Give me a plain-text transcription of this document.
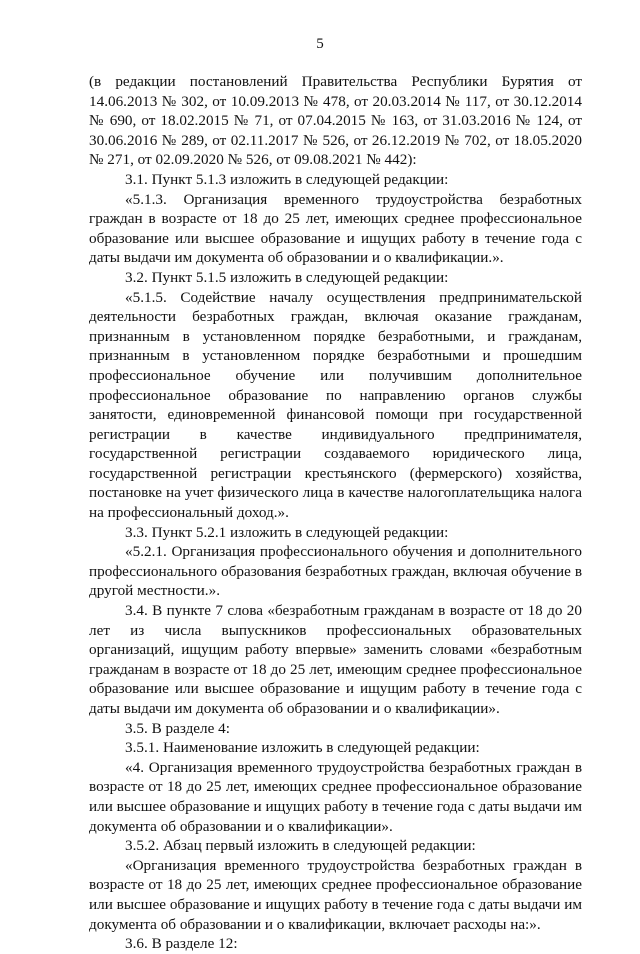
5

(в редакции постановлений Правительства Республики Бурятия от 14.06.2013 № 302, от 10.09.2013 № 478, от 20.03.2014 № 117, от 30.12.2014 № 690, от 18.02.2015 № 71, от 07.04.2015 № 163, от 31.03.2016 № 124, от 30.06.2016 № 289, от 02.11.2017 № 526, от 26.12.2019 № 702, от 18.05.2020 № 271, от 02.09.2020 № 526, от 09.08.2021 № 442):

3.1. Пункт 5.1.3 изложить в следующей редакции:

«5.1.3. Организация временного трудоустройства безработных граждан в возрасте от 18 до 25 лет, имеющих среднее профессиональное образование или высшее образование и ищущих работу в течение года с даты выдачи им документа об образовании и о квалификации.».

3.2. Пункт 5.1.5 изложить в следующей редакции:

«5.1.5. Содействие началу осуществления предпринимательской деятельности безработных граждан, включая оказание гражданам, признанным в установленном порядке безработными, и гражданам, признанным в установленном порядке безработными и прошедшим профессиональное обучение или получившим дополнительное профессиональное образование по направлению органов службы занятости, единовременной финансовой помощи при государственной регистрации в качестве индивидуального предпринимателя, государственной регистрации создаваемого юридического лица, государственной регистрации крестьянского (фермерского) хозяйства, постановке на учет физического лица в качестве налогоплательщика налога на профессиональный доход.».

3.3. Пункт 5.2.1 изложить в следующей редакции:

«5.2.1. Организация профессионального обучения и дополнительного профессионального образования безработных граждан, включая обучение в другой местности.».

3.4. В пункте 7 слова «безработным гражданам в возрасте от 18 до 20 лет из числа выпускников профессиональных образовательных организаций, ищущим работу впервые» заменить словами «безработным гражданам в возрасте от 18 до 25 лет, имеющим среднее профессиональное образование или высшее образование и ищущим работу в течение года с даты выдачи им документа об образовании и о квалификации».

3.5. В разделе 4:

3.5.1. Наименование изложить в следующей редакции:

«4. Организация временного трудоустройства безработных граждан в возрасте от 18 до 25 лет, имеющих среднее профессиональное образование или высшее образование и ищущих работу в течение года с даты выдачи им документа об образовании и о квалификации».

3.5.2. Абзац первый изложить в следующей редакции:

«Организация временного трудоустройства безработных граждан в возрасте от 18 до 25 лет, имеющих среднее профессиональное образование или высшее образование и ищущих работу в течение года с даты выдачи им документа об образовании и о квалификации, включает расходы на:».

3.6. В разделе 12:
